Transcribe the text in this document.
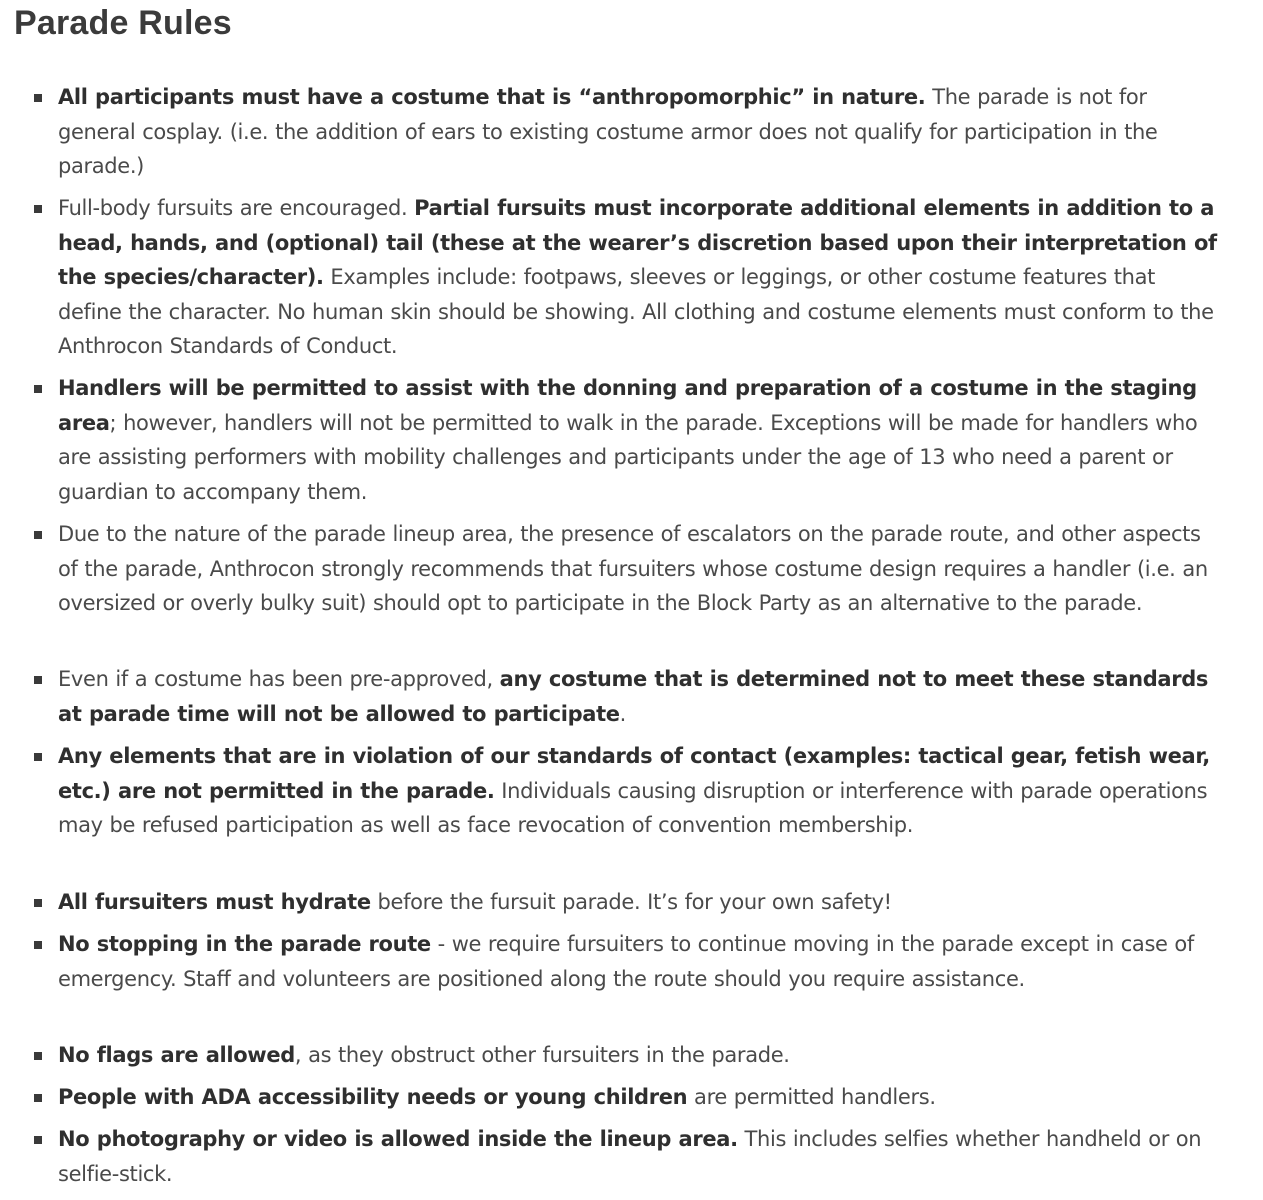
Parade Rules
All participants must have a costume that is “anthropomorphic” in nature. The parade is not for general cosplay. (i.e. the addition of ears to existing costume armor does not qualify for participation in the parade.)
Full-body fursuits are encouraged. Partial fursuits must incorporate additional elements in addition to a head, hands, and (optional) tail (these at the wearer’s discretion based upon their interpretation of the species/character). Examples include: footpaws, sleeves or leggings, or other costume features that define the character. No human skin should be showing. All clothing and costume elements must conform to the Anthrocon Standards of Conduct.
Handlers will be permitted to assist with the donning and preparation of a costume in the staging area; however, handlers will not be permitted to walk in the parade. Exceptions will be made for handlers who are assisting performers with mobility challenges and participants under the age of 13 who need a parent or guardian to accompany them.
Due to the nature of the parade lineup area, the presence of escalators on the parade route, and other aspects of the parade, Anthrocon strongly recommends that fursuiters whose costume design requires a handler (i.e. an oversized or overly bulky suit) should opt to participate in the Block Party as an alternative to the parade.
Even if a costume has been pre-approved, any costume that is determined not to meet these standards at parade time will not be allowed to participate.
Any elements that are in violation of our standards of contact (examples: tactical gear, fetish wear, etc.) are not permitted in the parade. Individuals causing disruption or interference with parade operations may be refused participation as well as face revocation of convention membership.
All fursuiters must hydrate before the fursuit parade. It’s for your own safety!
No stopping in the parade route - we require fursuiters to continue moving in the parade except in case of emergency. Staff and volunteers are positioned along the route should you require assistance.
No flags are allowed, as they obstruct other fursuiters in the parade.
People with ADA accessibility needs or young children are permitted handlers.
No photography or video is allowed inside the lineup area. This includes selfies whether handheld or on selfie-stick.
